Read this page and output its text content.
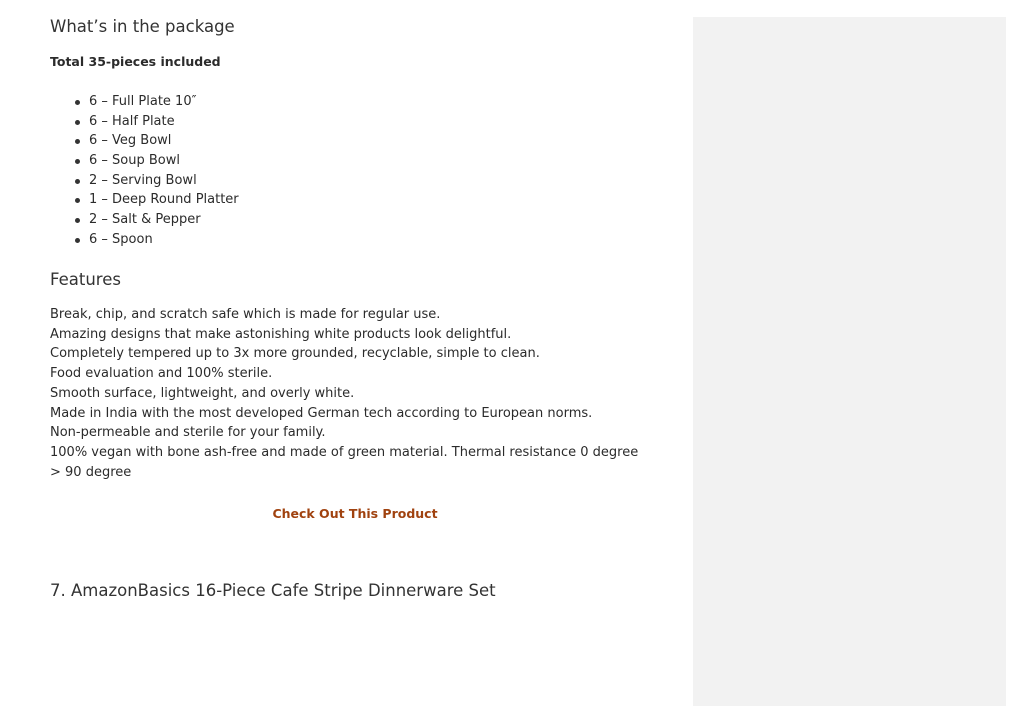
What’s in the package

Total 35-pieces included

6 – Full Plate 10″
6 – Half Plate
6 – Veg Bowl
6 – Soup Bowl
2 – Serving Bowl
1 – Deep Round Platter
2 – Salt & Pepper
6 – Spoon
Features

Break, chip, and scratch safe which is made for regular use.

Amazing designs that make astonishing white products look delightful.

Completely tempered up to 3x more grounded, recyclable, simple to clean.

Food evaluation and 100% sterile.

Smooth surface, lightweight, and overly white.

Made in India with the most developed German tech according to European norms.

Non-permeable and sterile for your family.

100% vegan with bone ash-free and made of green material. Thermal resistance 0 degree > 90 degree

Check Out This Product
7. AmazonBasics 16-Piece Cafe Stripe Dinnerware Set
